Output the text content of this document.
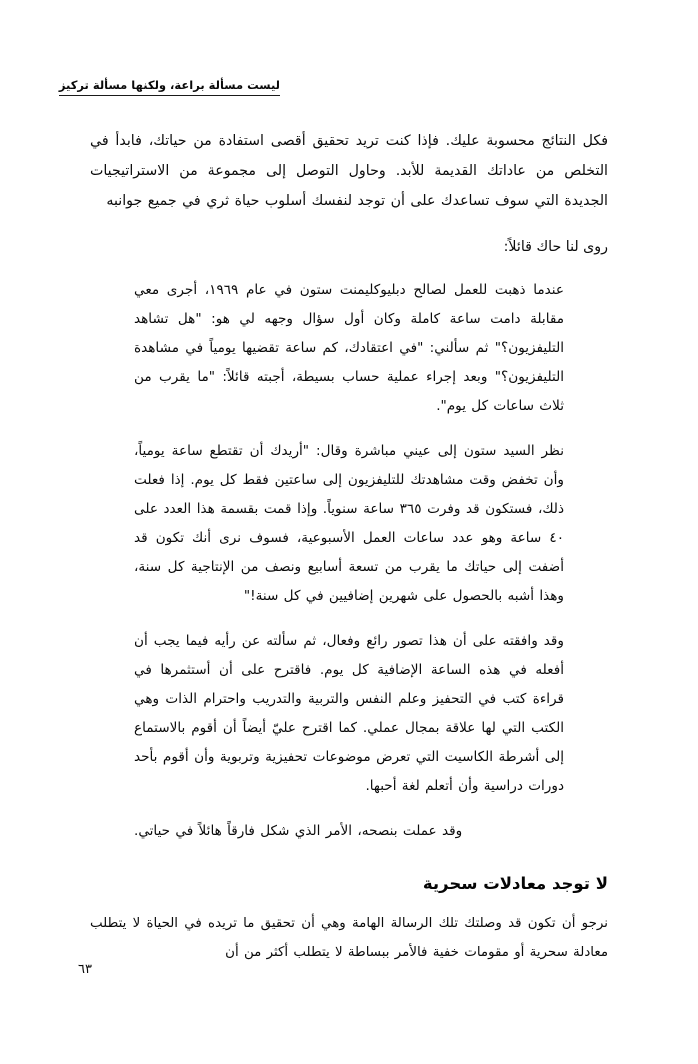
ليست مسألة براعة، ولكنها مسألة تركيز

فكل النتائج محسوبة عليك. فإذا كنت تريد تحقيق أقصى استفادة من حياتك، فابدأ في التخلص من عاداتك القديمة للأبد. وحاول التوصل إلى مجموعة من الاستراتيجيات الجديدة التي سوف تساعدك على أن توجد لنفسك أسلوب حياة ثري في جميع جوانبه

روى لنا حاك قائلاً:

عندما ذهبت للعمل لصالح دبليوكليمنت ستون في عام ١٩٦٩، أجرى معي مقابلة دامت ساعة كاملة وكان أول سؤال وجهه لي هو: "هل تشاهد التليفزيون؟" ثم سألني: "في اعتقادك، كم ساعة تقضيها يومياً في مشاهدة التليفزيون؟" وبعد إجراء عملية حساب بسيطة، أجبته قائلاً: "ما يقرب من ثلاث ساعات كل يوم".

نظر السيد ستون إلى عيني مباشرة وقال: "أريدك أن تقتطع ساعة يومياً، وأن تخفض وقت مشاهدتك للتليفزيون إلى ساعتين فقط كل يوم. إذا فعلت ذلك، فستكون قد وفرت ٣٦٥ ساعة سنوياً. وإذا قمت بقسمة هذا العدد على ٤٠ ساعة وهو عدد ساعات العمل الأسبوعية، فسوف نرى أنك تكون قد أضفت إلى حياتك ما يقرب من تسعة أسابيع ونصف من الإنتاجية كل سنة، وهذا أشبه بالحصول على شهرين إضافيين في كل سنة!"

وقد وافقته على أن هذا تصور رائع وفعال، ثم سألته عن رأيه فيما يجب أن أفعله في هذه الساعة الإضافية كل يوم. فاقترح على أن أستثمرها في قراءة كتب في التحفيز وعلم النفس والتربية والتدريب واحترام الذات وهي الكتب التي لها علاقة بمجال عملي. كما اقترح عليّ أيضاً أن أقوم بالاستماع إلى أشرطة الكاسيت التي تعرض موضوعات تحفيزية وتربوية وأن أقوم بأحد دورات دراسية وأن أتعلم لغة أحبها.

وقد عملت بنصحه، الأمر الذي شكل فارقاً هائلاً في حياتي.

لا توجد معادلات سحرية

نرجو أن تكون قد وصلتك تلك الرسالة الهامة وهي أن تحقيق ما تريده في الحياة لا يتطلب معادلة سحرية أو مقومات خفية فالأمر ببساطة لا يتطلب أكثر من أن

٦٣
